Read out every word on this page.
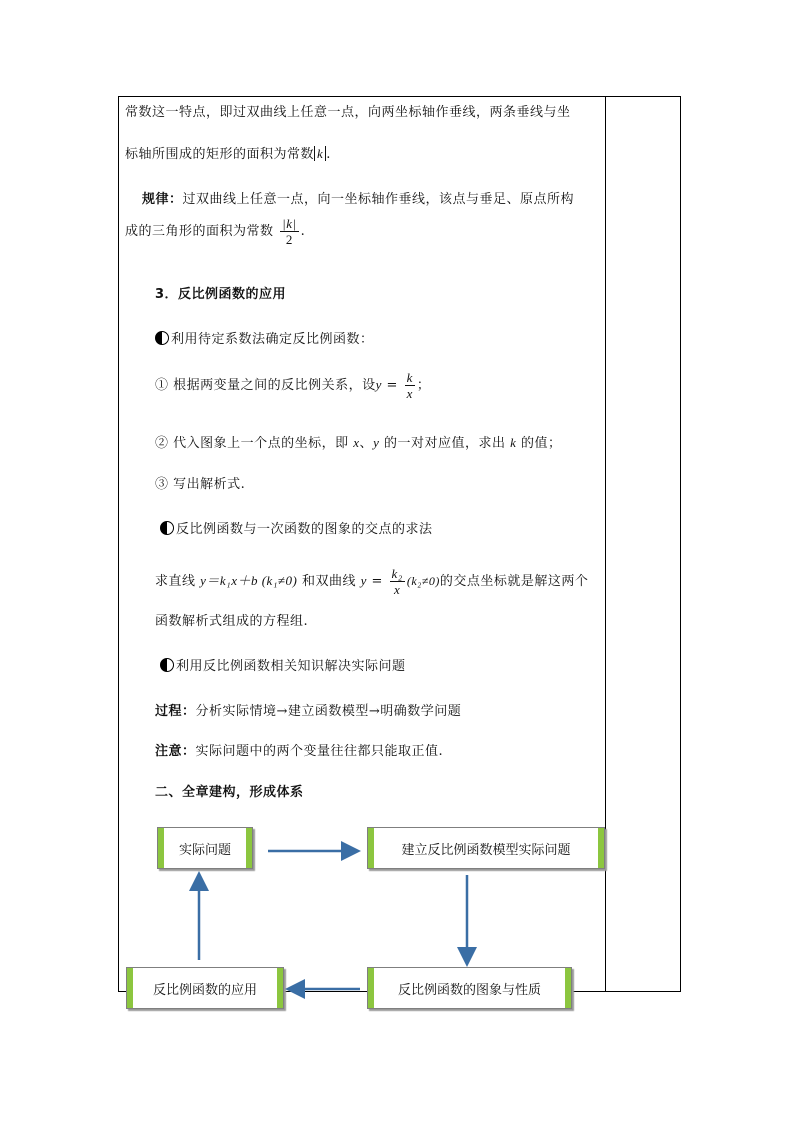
常数这一特点，即过双曲线上任意一点，向两坐标轴作垂线，两条垂线与坐
标轴所围成的矩形的面积为常数 k .
规律：过双曲线上任意一点，向一坐标轴作垂线，该点与垂足、原点所构
成的三角形的面积为常数 $\frac{|k|}{2}$ .
3．反比例函数的应用
利用待定系数法确定反比例函数：
① 根据两变量之间的反比例关系，设$y = \frac{k}{x}$ ；
② 代入图象上一个点的坐标，即 x、y 的一对对应值，求出 k 的值；
③ 写出解析式.
反比例函数与一次函数的图象的交点的求法
求直线 y＝k₁x＋b (k₁≠0) 和双曲线 $y = \frac{\text{k₂}}{x} (k_2\ne 0)$的交点坐标就是解这两个
函数解析式组成的方程组.
利用反比例函数相关知识解决实际问题
过程：分析实际情境→建立函数模型→明确数学问题
注意：实际问题中的两个变量往往都只能取正值.
二、全章建构，形成体系
实际问题	建立反比例函数模型实际问题
反比例函数的图象与性质
反比例函数的应用
